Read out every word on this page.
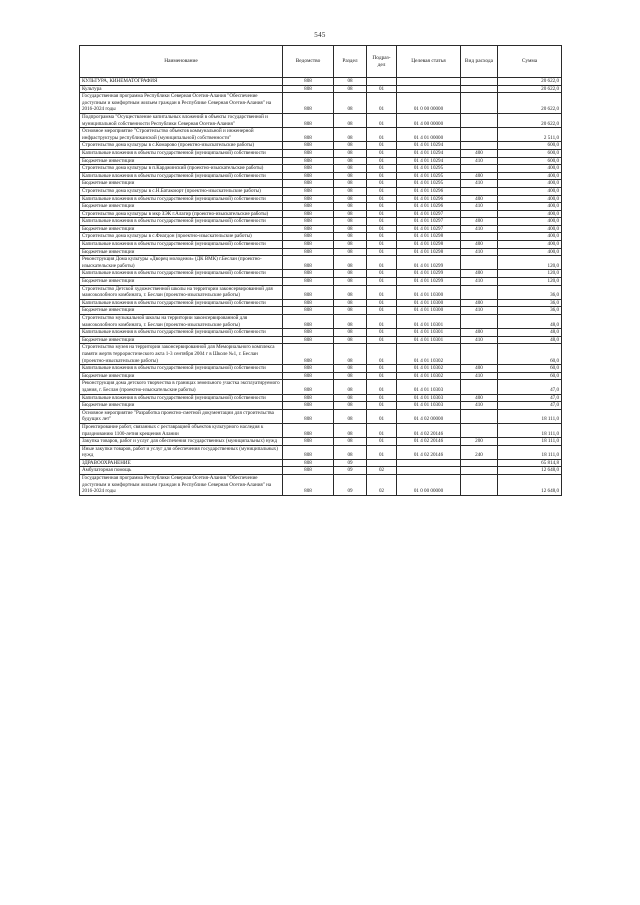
545
Наименование	Ведомство	Раздел	Подраз-дел	Целевая статья	Вид расхода	Сумма
КУЛЬТУРА, КИНЕМАТОГРАФИЯ	808	08				20 622,0
Культура	808	08	01			20 622,0
Государственная программа Республики Северная Осетия-Алания "Обеспечение доступным и комфортным жильем граждан в Республике Северная Осетия-Алания" на 2016-2024 годы	808	08	01	01 0 00 00000		20 622,0
Подпрограмма "Осуществление капитальных вложений в объекты государственной и муниципальной собственности Республики Северная Осетия-Алания"	808	08	01	01 4 00 00000		20 622,0
Основное мероприятие "Строительство объектов коммунальной и инженерной инфраструктуры республиканской (муниципальной) собственности"	808	08	01	01 4 01 00000		2 511,0
Строительство дома культуры в с.Комарово (проектно-изыскательские работы)	808	08	01	01 4 01 10294		600,0
Капитальные вложения в объекты государственной (муниципальной) собственности	808	08	01	01 4 01 10294	400	600,0
Бюджетные инвестиции	808	08	01	01 4 01 10294	410	600,0
Строительство дома культуры в п.Карджинский (проектно-изыскательские работы)	808	08	01	01 4 01 10295		400,0
Капитальные вложения в объекты государственной (муниципальной) собственности	808	08	01	01 4 01 10295	400	400,0
Бюджетные инвестиции	808	08	01	01 4 01 10295	410	400,0
Строительство дома культуры в с.Н.Батакоюрт (проектно-изыскательские работы)	808	08	01	01 4 01 10296		400,0
Капитальные вложения в объекты государственной (муниципальной) собственности	808	08	01	01 4 01 10296	400	400,0
Бюджетные инвестиции	808	08	01	01 4 01 10296	410	400,0
Строительство дома культуры в мкр ЗЭК г.Алагир (проектно-изыскательские работы)	808	08	01	01 4 01 10297		400,0
Капитальные вложения в объекты государственной (муниципальной) собственности	808	08	01	01 4 01 10297	400	400,0
Бюджетные инвестиции	808	08	01	01 4 01 10297	410	400,0
Строительство дома культуры в с.Фиагдон (проектно-изыскательские работы)	808	08	01	01 4 01 10298		400,0
Капитальные вложения в объекты государственной (муниципальной) собственности	808	08	01	01 4 01 10298	400	400,0
Бюджетные инвестиции	808	08	01	01 4 01 10298	410	400,0
Реконструкция Дома культуры «Дворец молодежи» (ДК ВМК) г.Беслан (проектно-изыскательские работы)	808	08	01	01 4 01 10299		120,0
Капитальные вложения в объекты государственной (муниципальной) собственности	808	08	01	01 4 01 10299	400	120,0
Бюджетные инвестиции	808	08	01	01 4 01 10299	410	120,0
Строительство Детской художественной школы на территории законсервированной для маисоколобного комбината, г. Беслан (проектно-изыскательские работы)	808	08	01	01 4 01 10300		36,0
Капитальные вложения в объекты государственной (муниципальной) собственности	808	08	01	01 4 01 10300	400	36,0
Бюджетные инвестиции	808	08	01	01 4 01 10300	410	36,0
Строительство музыкальной школы на территории законсервированной для маисоколобного комбината, г. Беслан (проектно-изыскательские работы)	808	08	01	01 4 01 10301		48,0
Капитальные вложения в объекты государственной (муниципальной) собственности	808	08	01	01 4 01 10301	400	48,0
Бюджетные инвестиции	808	08	01	01 4 01 10301	410	48,0
Строительство музея на территории законсервированной для Мемориального комплекса памяти жертв террористического акта 1-3 сентября 2004 г в Школе №1, г. Беслан (проектно-изыскательские работы)	808	08	01	01 4 01 10302		60,0
Капитальные вложения в объекты государственной (муниципальной) собственности	808	08	01	01 4 01 10302	400	60,0
Бюджетные инвестиции	808	08	01	01 4 01 10302	410	60,0
Реконструкция дома детского творчества в границах земельного участка эксплуатируемого здания, г. Беслан (проектно-изыскательские работы)	808	08	01	01 4 01 10303		47,0
Капитальные вложения в объекты государственной (муниципальной) собственности	808	08	01	01 4 01 10303	400	47,0
Бюджетные инвестиции	808	08	01	01 4 01 10303	410	47,0
Основное мероприятие "Разработка проектно-сметной документации для строительства будущих лет"	808	08	01	01 4 02 00000		18 111,0
Проектирование работ, связанных с реставрацией объектов культурного наследия к празднованию 1100-летия крещения Алании	808	08	01	01 4 02 20146		18 111,0
Закупка товаров, работ и услуг для обеспечения государственных (муниципальных) нужд	808	08	01	01 4 02 20146	200	18 111,0
Иные закупки товаров, работ и услуг для обеспечения государственных (муниципальных) нужд	808	08	01	01 4 02 20146	240	18 111,0
ЗДРАВООХРАНЕНИЕ	808	09				65 814,8
Амбулаторная помощь	808	09	02			12 648,0
Государственная программа Республики Северная Осетия-Алания "Обеспечение доступным и комфортным жильем граждан в Республике Северная Осетия-Алания" на 2016-2024 годы	808	09	02	01 0 00 00000		12 648,0
